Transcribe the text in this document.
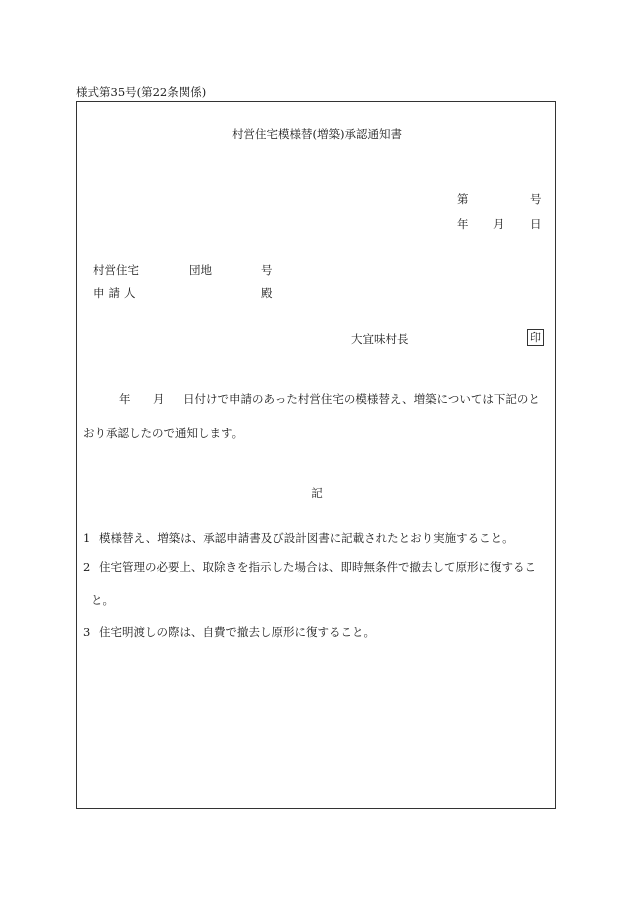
様式第35号(第22条関係)
村営住宅模様替(増築)承認通知書
第	号
年 月 日
村営住宅	団地	号
申請人	殿
大宜味村長	印
年 月 日付けで申請のあった村営住宅の模様替え、増築については下記のと
おり承認したので通知します。
記
1 模様替え、増築は、承認申請書及び設計図書に記載されたとおり実施すること。
2 住宅管理の必要上、取除きを指示した場合は、即時無条件で撤去して原形に復するこ
と。
3 住宅明渡しの際は、自費で撤去し原形に復すること。
